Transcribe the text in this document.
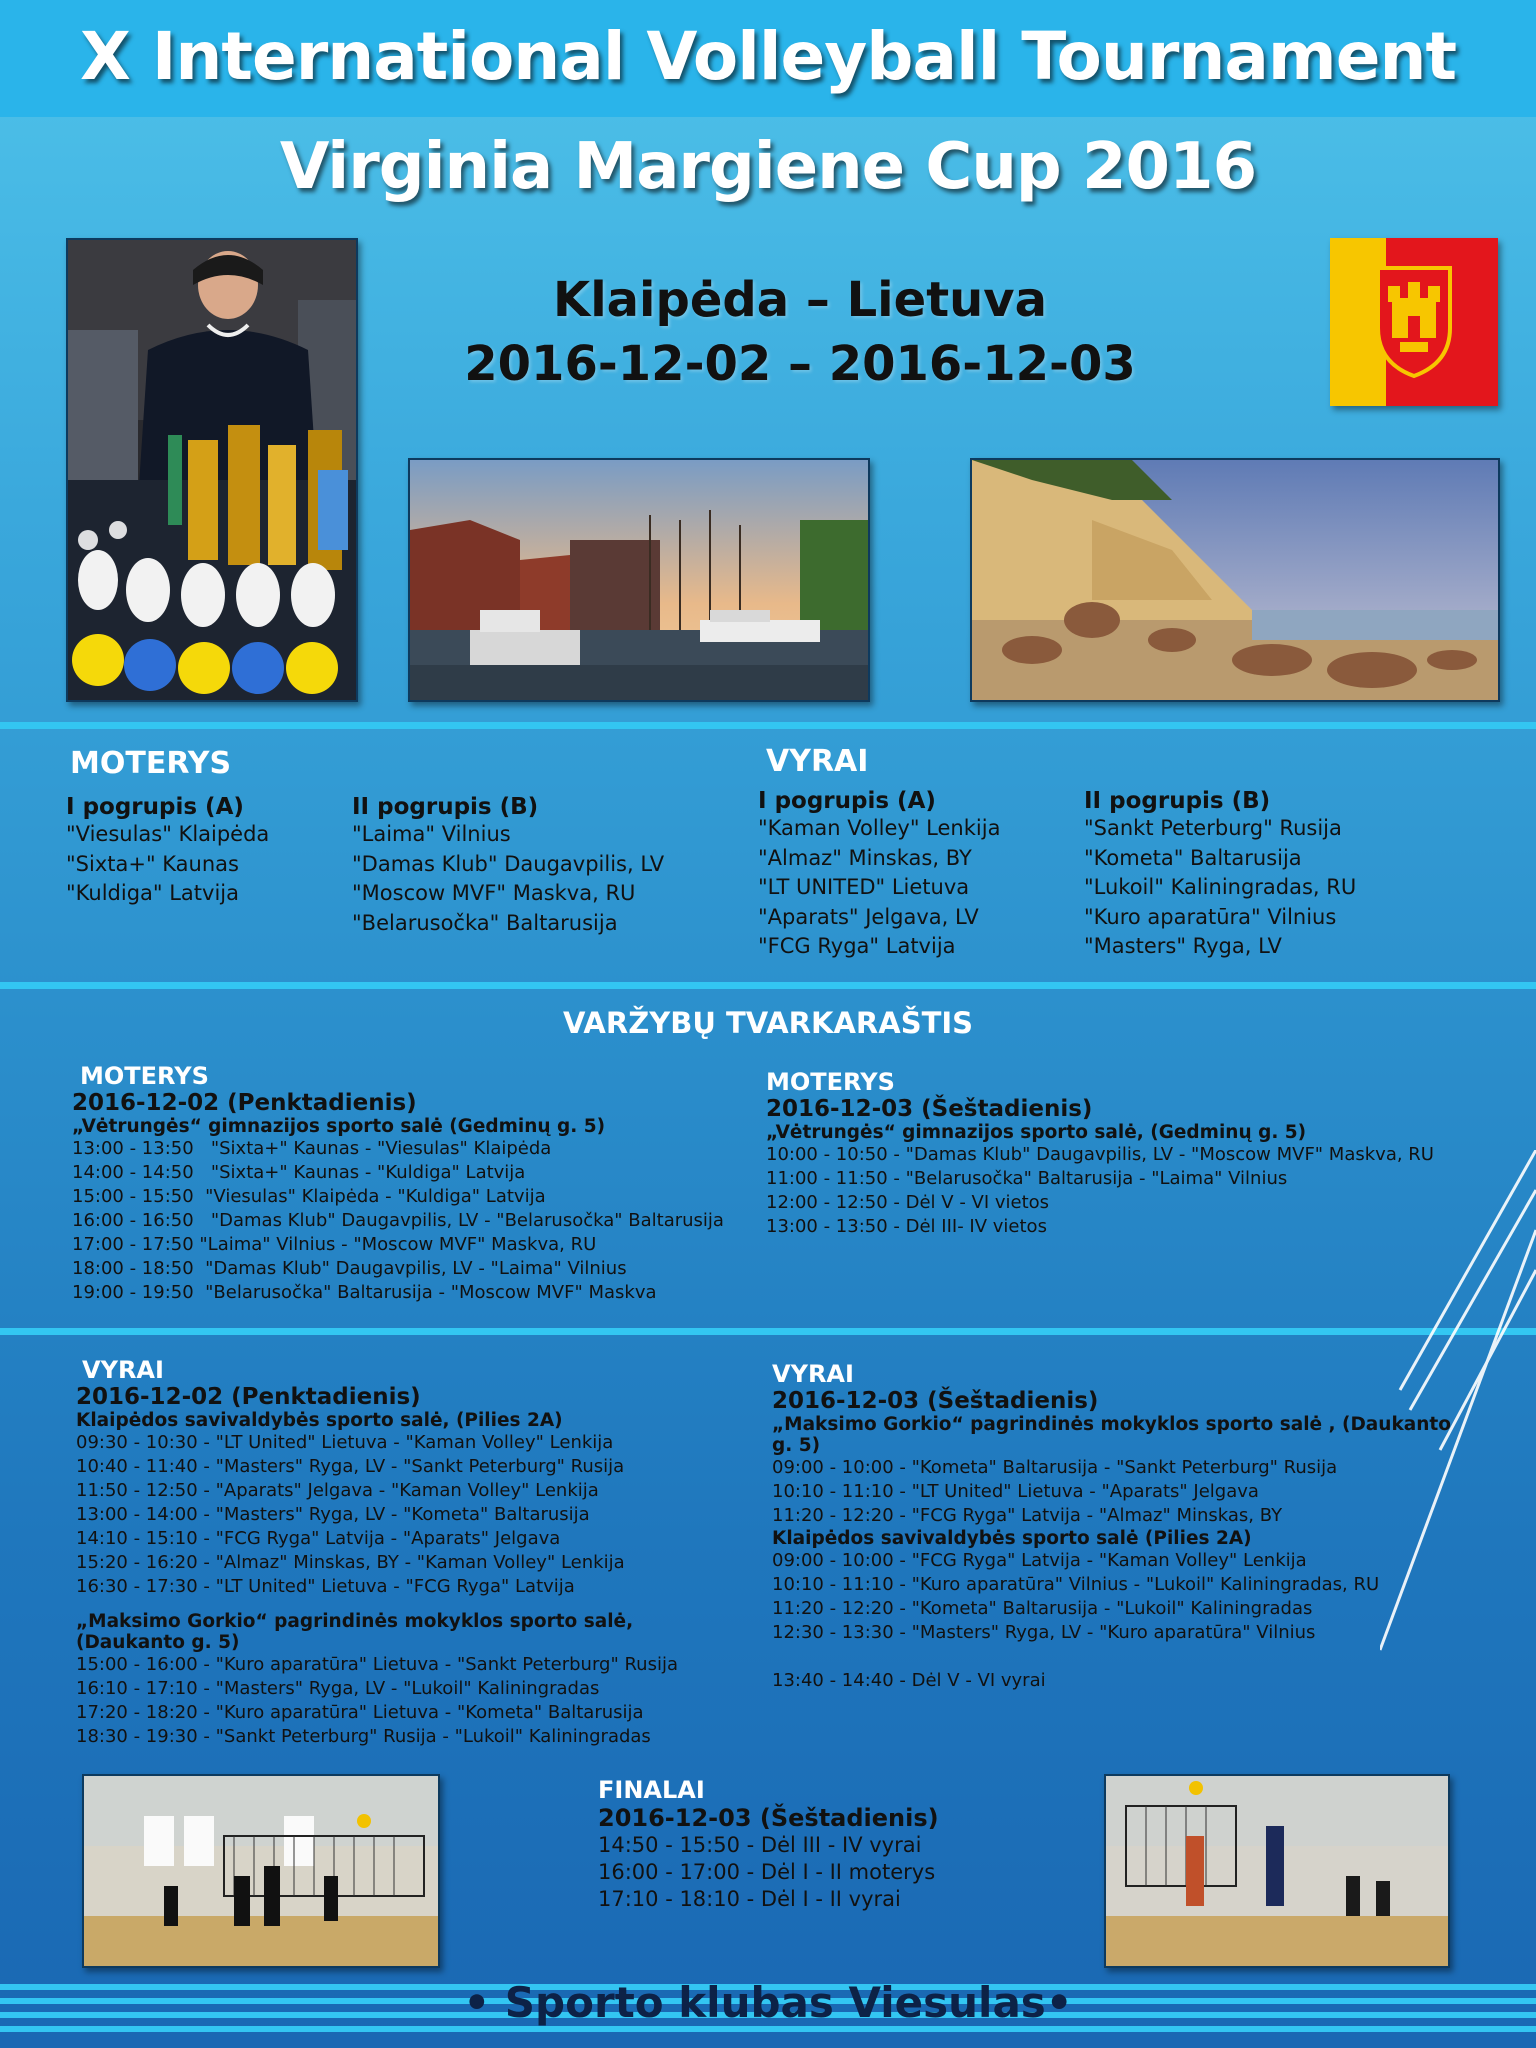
X International Volleyball Tournament
Virginia Margiene Cup 2016
Klaipėda – Lietuva
2016-12-02 – 2016-12-03
MOTERYS
I pogrupis (A)
"Viesulas" Klaipėda
"Sixta+" Kaunas
"Kuldiga" Latvija
II pogrupis (B)
"Laima" Vilnius
"Damas Klub" Daugavpilis, LV
"Moscow MVF" Maskva, RU
"Belarusočka" Baltarusija
VYRAI
I pogrupis (A)
"Kaman Volley" Lenkija
"Almaz" Minskas, BY
"LT UNITED" Lietuva
"Aparats" Jelgava, LV
"FCG Ryga" Latvija
II pogrupis (B)
"Sankt Peterburg" Rusija
"Kometa" Baltarusija
"Lukoil" Kaliningradas, RU
"Kuro aparatūra" Vilnius
"Masters" Ryga, LV
VARŽYBŲ TVARKARAŠTIS
MOTERYS
2016-12-02 (Penktadienis)
„Vėtrungės“ gimnazijos sporto salė (Gedminų g. 5)
13:00 - 13:50   "Sixta+" Kaunas - "Viesulas" Klaipėda
14:00 - 14:50   "Sixta+" Kaunas - "Kuldiga" Latvija
15:00 - 15:50  "Viesulas" Klaipėda - "Kuldiga" Latvija
16:00 - 16:50   "Damas Klub" Daugavpilis, LV - "Belarusočka" Baltarusija
17:00 - 17:50 "Laima" Vilnius - "Moscow MVF" Maskva, RU
18:00 - 18:50  "Damas Klub" Daugavpilis, LV - "Laima" Vilnius
19:00 - 19:50  "Belarusočka" Baltarusija - "Moscow MVF" Maskva
MOTERYS
2016-12-03 (Šeštadienis)
„Vėtrungės“ gimnazijos sporto salė, (Gedminų g. 5)
10:00 - 10:50 - "Damas Klub" Daugavpilis, LV - "Moscow MVF" Maskva, RU
11:00 - 11:50 - "Belarusočka" Baltarusija - "Laima" Vilnius
12:00 - 12:50 - Dėl V - VI vietos
13:00 - 13:50 - Dėl III- IV vietos
VYRAI
2016-12-02 (Penktadienis)
Klaipėdos savivaldybės sporto salė, (Pilies 2A)
09:30 - 10:30 - "LT United" Lietuva - "Kaman Volley" Lenkija
10:40 - 11:40 - "Masters" Ryga, LV - "Sankt Peterburg" Rusija
11:50 - 12:50 - "Aparats" Jelgava - "Kaman Volley" Lenkija
13:00 - 14:00 - "Masters" Ryga, LV - "Kometa" Baltarusija
14:10 - 15:10 - "FCG Ryga" Latvija - "Aparats" Jelgava
15:20 - 16:20 - "Almaz" Minskas, BY - "Kaman Volley" Lenkija
16:30 - 17:30 - "LT United" Lietuva - "FCG Ryga" Latvija
„Maksimo Gorkio“ pagrindinės mokyklos sporto salė,
(Daukanto g. 5)
15:00 - 16:00 - "Kuro aparatūra" Lietuva - "Sankt Peterburg" Rusija
16:10 - 17:10 - "Masters" Ryga, LV - "Lukoil" Kaliningradas
17:20 - 18:20 - "Kuro aparatūra" Lietuva - "Kometa" Baltarusija
18:30 - 19:30 - "Sankt Peterburg" Rusija - "Lukoil" Kaliningradas
VYRAI
2016-12-03 (Šeštadienis)
„Maksimo Gorkio“ pagrindinės mokyklos sporto salė , (Daukanto g. 5)
09:00 - 10:00 - "Kometa" Baltarusija - "Sankt Peterburg" Rusija
10:10 - 11:10 - "LT United" Lietuva - "Aparats" Jelgava
11:20 - 12:20 - "FCG Ryga" Latvija - "Almaz" Minskas, BY
Klaipėdos savivaldybės sporto salė (Pilies 2A)
09:00 - 10:00 - "FCG Ryga" Latvija - "Kaman Volley" Lenkija
10:10 - 11:10 - "Kuro aparatūra" Vilnius - "Lukoil" Kaliningradas, RU
11:20 - 12:20 - "Kometa" Baltarusija - "Lukoil" Kaliningradas
12:30 - 13:30 - "Masters" Ryga, LV - "Kuro aparatūra" Vilnius
13:40 - 14:40 - Dėl V - VI vyrai
FINALAI
2016-12-03 (Šeštadienis)
14:50 - 15:50 - Dėl III - IV vyrai
16:00 - 17:00 - Dėl I - II moterys
17:10 - 18:10 - Dėl I - II vyrai
• Sporto klubas Viesulas•
